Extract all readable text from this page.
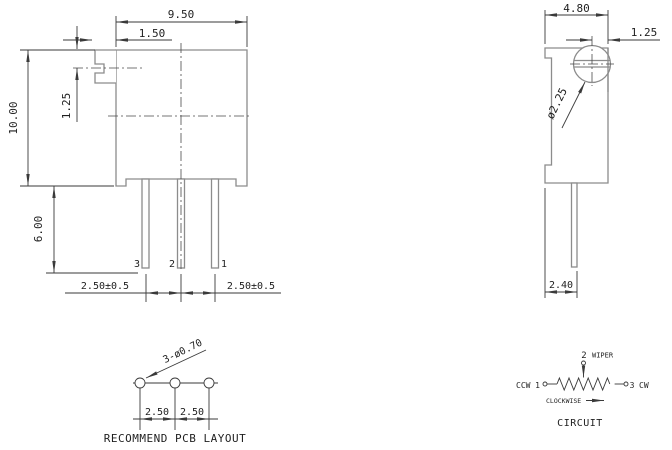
9.50
1.50
10.00
6.00
1.25
3	2	1
2.50±0.5	2.50±0.5
4.80
1.25
ø2.25
2.40
2.50 2.50
3-ø0.70
RECOMMEND PCB LAYOUT
2 WIPER
CCW 1	3 CW
CLOCKWISE
CIRCUIT
